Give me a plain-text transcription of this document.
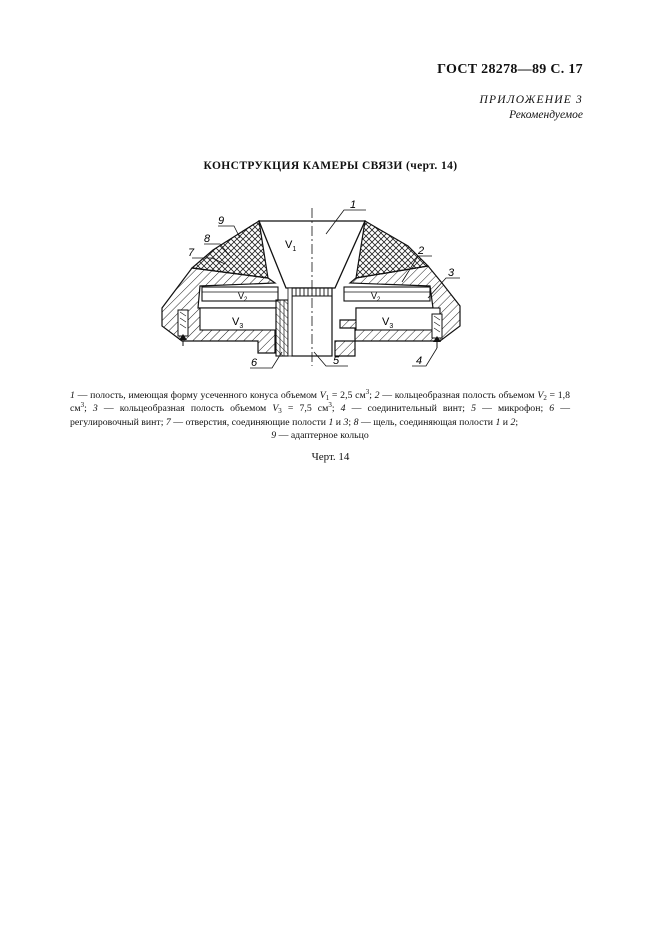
ГОСТ 28278—89 С. 17
ПРИЛОЖЕНИЕ 3
Рекомендуемое
КОНСТРУКЦИЯ КАМЕРЫ СВЯЗИ (черт. 14)
$V_1$
$V_2$	$V_2$
$V_3$	$V_3$
1
2
3
4
5
6
7
8
9
1 — полость, имеющая форму усеченного конуса объемом $V_1 = 2,5$ $см^3$; 2 — кольцеобразная полость объемом $V_2 = 1,8$ $см^3$; 3 — кольцеобразная полость объемом $V_3 = 7,5$ $см^3$; 4 — соединительный винт; 5 — микрофон; 6 — регулировочный винт; 7 — отверстия, соединяющие полости 1 и 3; 8 — щель, соединяющая полости 1 и 2;
9 — адаптерное кольцо
Черт. 14
